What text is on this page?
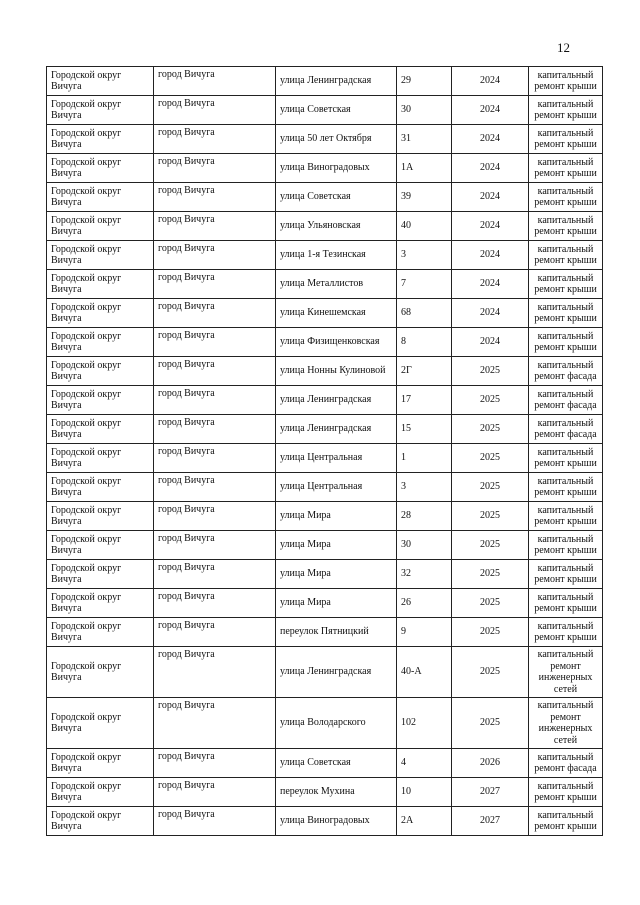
12
Городской округ Вичуга	город Вичуга	улица Ленинградская	29	2024	капитальный ремонт крыши
Городской округ Вичуга	город Вичуга	улица Советская	30	2024	капитальный ремонт крыши
Городской округ Вичуга	город Вичуга	улица 50 лет Октября	31	2024	капитальный ремонт крыши
Городской округ Вичуга	город Вичуга	улица Виноградовых	1А	2024	капитальный ремонт крыши
Городской округ Вичуга	город Вичуга	улица Советская	39	2024	капитальный ремонт крыши
Городской округ Вичуга	город Вичуга	улица Ульяновская	40	2024	капитальный ремонт крыши
Городской округ Вичуга	город Вичуга	улица 1-я Тезинская	3	2024	капитальный ремонт крыши
Городской округ Вичуга	город Вичуга	улица Металлистов	7	2024	капитальный ремонт крыши
Городской округ Вичуга	город Вичуга	улица Кинешемская	68	2024	капитальный ремонт крыши
Городской округ Вичуга	город Вичуга	улица Физищенковская	8	2024	капитальный ремонт крыши
Городской округ Вичуга	город Вичуга	улица Нонны Кулиновой	2Г	2025	капитальный ремонт фасада
Городской округ Вичуга	город Вичуга	улица Ленинградская	17	2025	капитальный ремонт фасада
Городской округ Вичуга	город Вичуга	улица Ленинградская	15	2025	капитальный ремонт фасада
Городской округ Вичуга	город Вичуга	улица Центральная	1	2025	капитальный ремонт крыши
Городской округ Вичуга	город Вичуга	улица Центральная	3	2025	капитальный ремонт крыши
Городской округ Вичуга	город Вичуга	улица Мира	28	2025	капитальный ремонт крыши
Городской округ Вичуга	город Вичуга	улица Мира	30	2025	капитальный ремонт крыши
Городской округ Вичуга	город Вичуга	улица Мира	32	2025	капитальный ремонт крыши
Городской округ Вичуга	город Вичуга	улица Мира	26	2025	капитальный ремонт крыши
Городской округ Вичуга	город Вичуга	переулок Пятницкий	9	2025	капитальный ремонт крыши
Городской округ Вичуга	город Вичуга	улица Ленинградская	40-А	2025	капитальный ремонт инженерных сетей
Городской округ Вичуга	город Вичуга	улица Володарского	102	2025	капитальный ремонт инженерных сетей
Городской округ Вичуга	город Вичуга	улица Советская	4	2026	капитальный ремонт фасада
Городской округ Вичуга	город Вичуга	переулок Мухина	10	2027	капитальный ремонт крыши
Городской округ Вичуга	город Вичуга	улица Виноградовых	2А	2027	капитальный ремонт крыши
